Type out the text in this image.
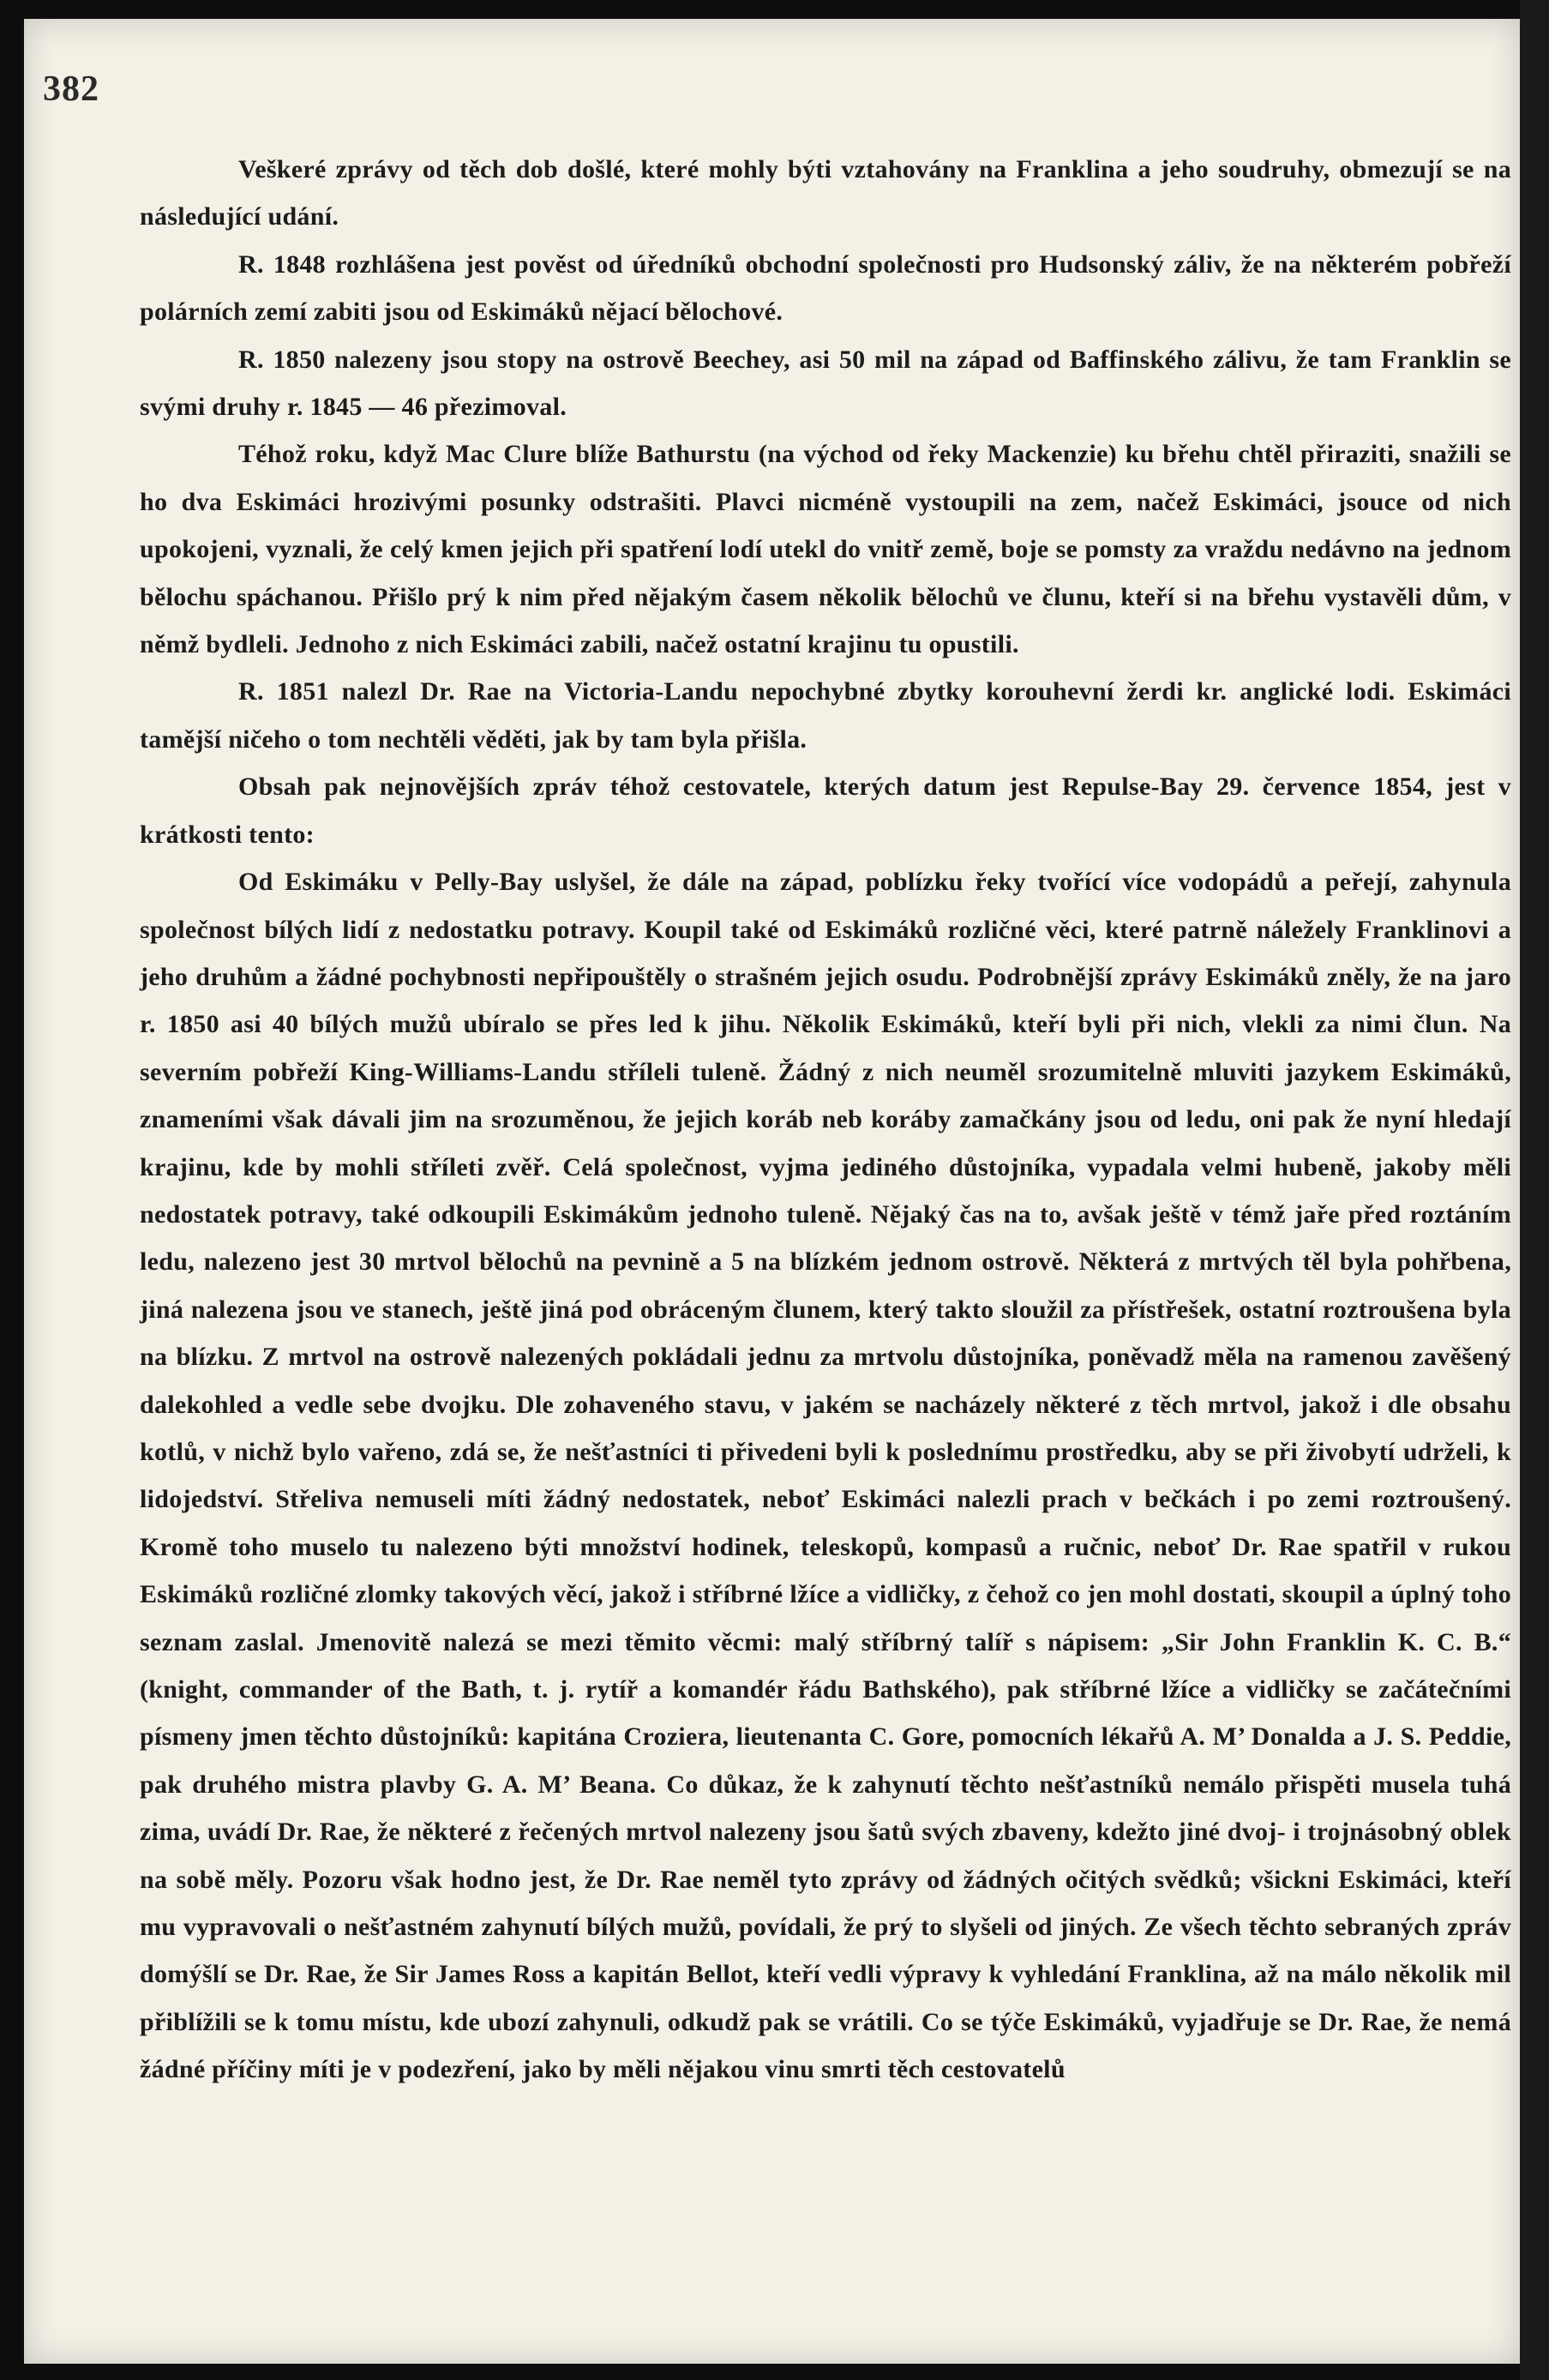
382

Veškeré zprávy od těch dob došlé, které mohly býti vztahovány na Franklina a jeho soudruhy, obmezují se na následující udání.

R. 1848 rozhlášena jest pověst od úředníků obchodní společnosti pro Hudsonský záliv, že na některém pobřeží polárních zemí zabiti jsou od Eskimáků nějací bělochové.

R. 1850 nalezeny jsou stopy na ostrově Beechey, asi 50 mil na západ od Baffinského zálivu, že tam Franklin se svými druhy r. 1845 — 46 přezimoval.

Téhož roku, když Mac Clure blíže Bathurstu (na východ od řeky Mackenzie) ku břehu chtěl přiraziti, snažili se ho dva Eskimáci hrozivými posunky odstrašiti. Plavci nicméně vystoupili na zem, načež Eskimáci, jsouce od nich upokojeni, vyznali, že celý kmen jejich při spatření lodí utekl do vnitř země, boje se pomsty za vraždu nedávno na jednom bělochu spáchanou. Přišlo prý k nim před nějakým časem několik bělochů ve člunu, kteří si na břehu vystavěli dům, v němž bydleli. Jednoho z nich Eskimáci zabili, načež ostatní krajinu tu opustili.

R. 1851 nalezl Dr. Rae na Victoria-Landu nepochybné zbytky korouhevní žerdi kr. anglické lodi. Eskimáci tamější ničeho o tom nechtěli věděti, jak by tam byla přišla.

Obsah pak nejnovějších zpráv téhož cestovatele, kterých datum jest Repulse-Bay 29. července 1854, jest v krátkosti tento:

Od Eskimáku v Pelly-Bay uslyšel, že dále na západ, poblízku řeky tvořící více vodopádů a peřejí, zahynula společnost bílých lidí z nedostatku potravy. Koupil také od Eskimáků rozličné věci, které patrně náležely Franklinovi a jeho druhům a žádné pochybnosti nepřipouštěly o strašném jejich osudu. Podrobnější zprávy Eskimáků zněly, že na jaro r. 1850 asi 40 bílých mužů ubíralo se přes led k jihu. Několik Eskimáků, kteří byli při nich, vlekli za nimi člun. Na severním pobřeží King-Williams-Landu stříleli tuleně. Žádný z nich neuměl srozumitelně mluviti jazykem Eskimáků, znameními však dávali jim na srozuměnou, že jejich koráb neb koráby zamačkány jsou od ledu, oni pak že nyní hledají krajinu, kde by mohli stříleti zvěř. Celá společnost, vyjma jediného důstojníka, vypadala velmi hubeně, jakoby měli nedostatek potravy, také odkoupili Eskimákům jednoho tuleně. Nějaký čas na to, avšak ještě v témž jaře před roztáním ledu, nalezeno jest 30 mrtvol bělochů na pevnině a 5 na blízkém jednom ostrově. Některá z mrtvých těl byla pohřbena, jiná nalezena jsou ve stanech, ještě jiná pod obráceným člunem, který takto sloužil za přístřešek, ostatní roztroušena byla na blízku. Z mrtvol na ostrově nalezených pokládali jednu za mrtvolu důstojníka, poněvadž měla na ramenou zavěšený dalekohled a vedle sebe dvojku. Dle zohaveného stavu, v jakém se nacházely některé z těch mrtvol, jakož i dle obsahu kotlů, v nichž bylo vařeno, zdá se, že nešťastníci ti přivedeni byli k poslednímu prostředku, aby se při živobytí udrželi, k lidojedství. Střeliva nemuseli míti žádný nedostatek, neboť Eskimáci nalezli prach v bečkách i po zemi roztroušený. Kromě toho muselo tu nalezeno býti množství hodinek, teleskopů, kompasů a ručnic, neboť Dr. Rae spatřil v rukou Eskimáků rozličné zlomky takových věcí, jakož i stříbrné lžíce a vidličky, z čehož co jen mohl dostati, skoupil a úplný toho seznam zaslal. Jmenovitě nalezá se mezi těmito věcmi: malý stříbrný talíř s nápisem: „Sir John Franklin K. C. B.“ (knight, commander of the Bath, t. j. rytíř a komandér řádu Bathského), pak stříbrné lžíce a vidličky se začátečními písmeny jmen těchto důstojníků: kapitána Croziera, lieutenanta C. Gore, pomocních lékařů A. M’ Donalda a J. S. Peddie, pak druhého mistra plavby G. A. M’ Beana. Co důkaz, že k zahynutí těchto nešťastníků nemálo přispěti musela tuhá zima, uvádí Dr. Rae, že některé z řečených mrtvol nalezeny jsou šatů svých zbaveny, kdežto jiné dvoj- i trojnásobný oblek na sobě měly. Pozoru však hodno jest, že Dr. Rae neměl tyto zprávy od žádných očitých svědků; všickni Eskimáci, kteří mu vypravovali o nešťastném zahynutí bílých mužů, povídali, že prý to slyšeli od jiných. Ze všech těchto sebraných zpráv domýšlí se Dr. Rae, že Sir James Ross a kapitán Bellot, kteří vedli výpravy k vyhledání Franklina, až na málo několik mil přiblížili se k tomu místu, kde ubozí zahynuli, odkudž pak se vrátili. Co se týče Eskimáků, vyjadřuje se Dr. Rae, že nemá žádné příčiny míti je v podezření, jako by měli nějakou vinu smrti těch cestovatelů
